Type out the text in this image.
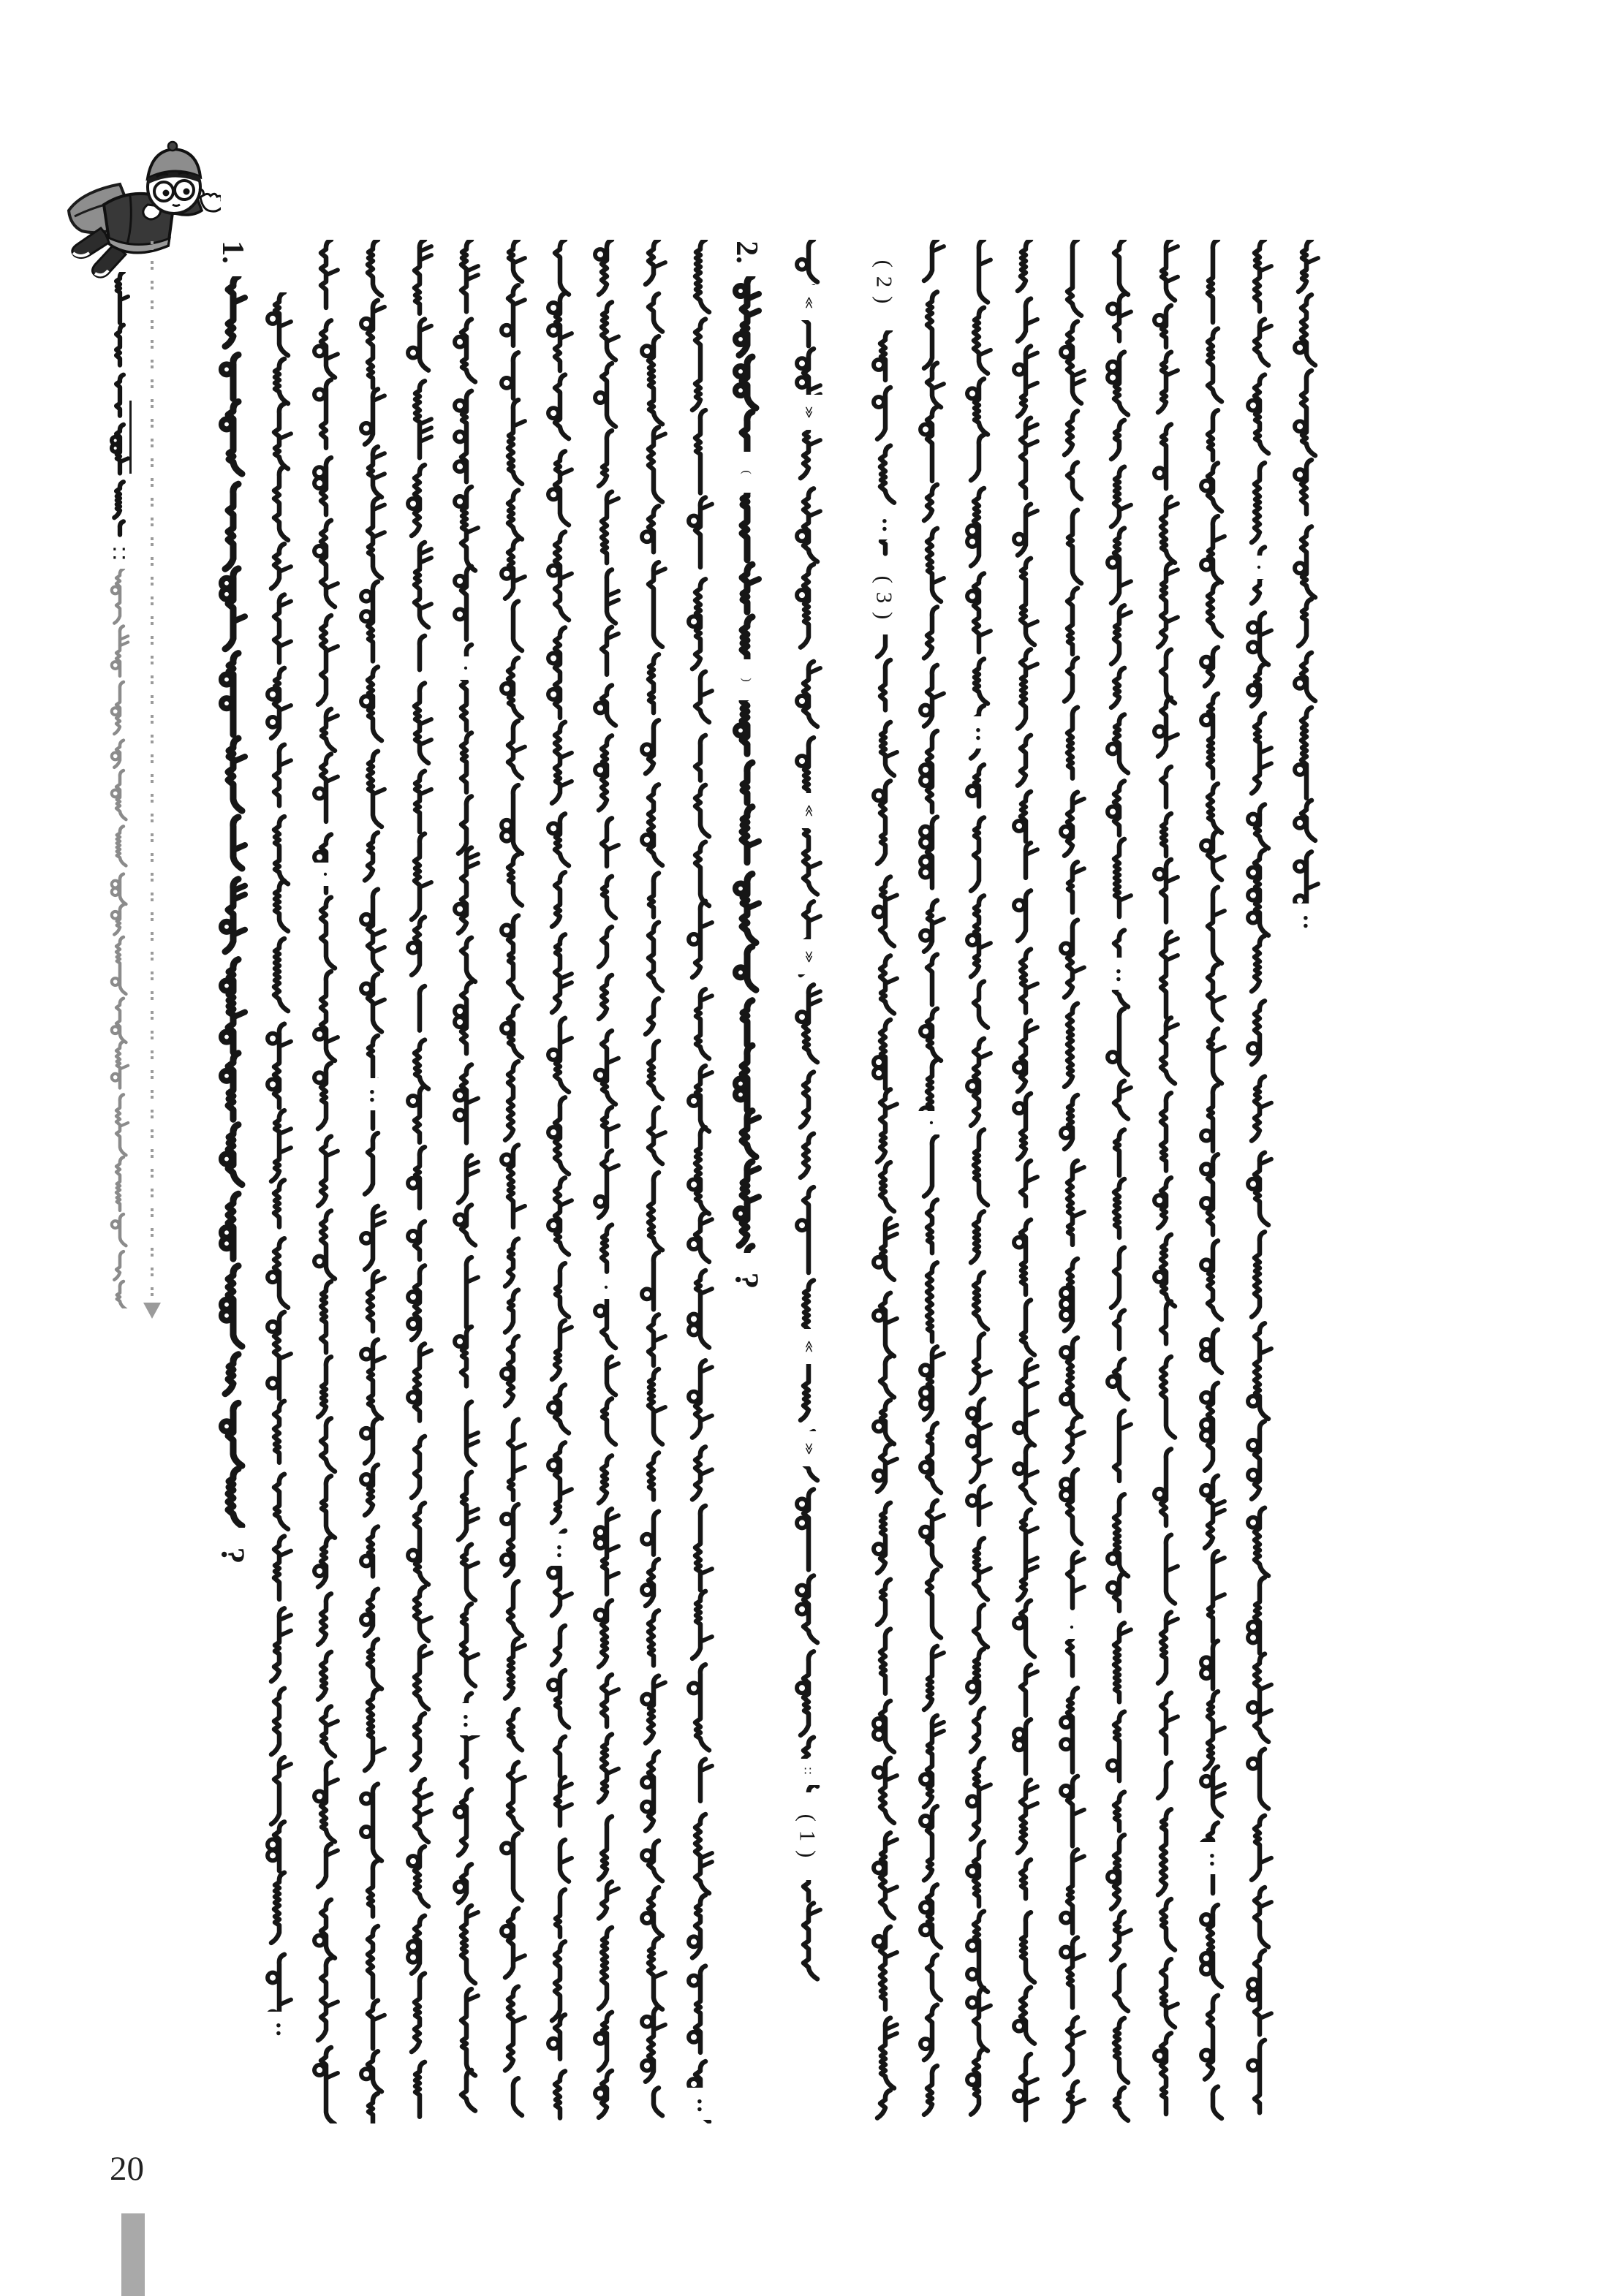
∷
1.
?
:
·
:
·
:
:
·
:
2.
(
)
?
≪
≫
≪
≫
≪
≫
∷
( 1 )
( 2 )
:
( 3 )
·
:
·
:
:
·
:
20
